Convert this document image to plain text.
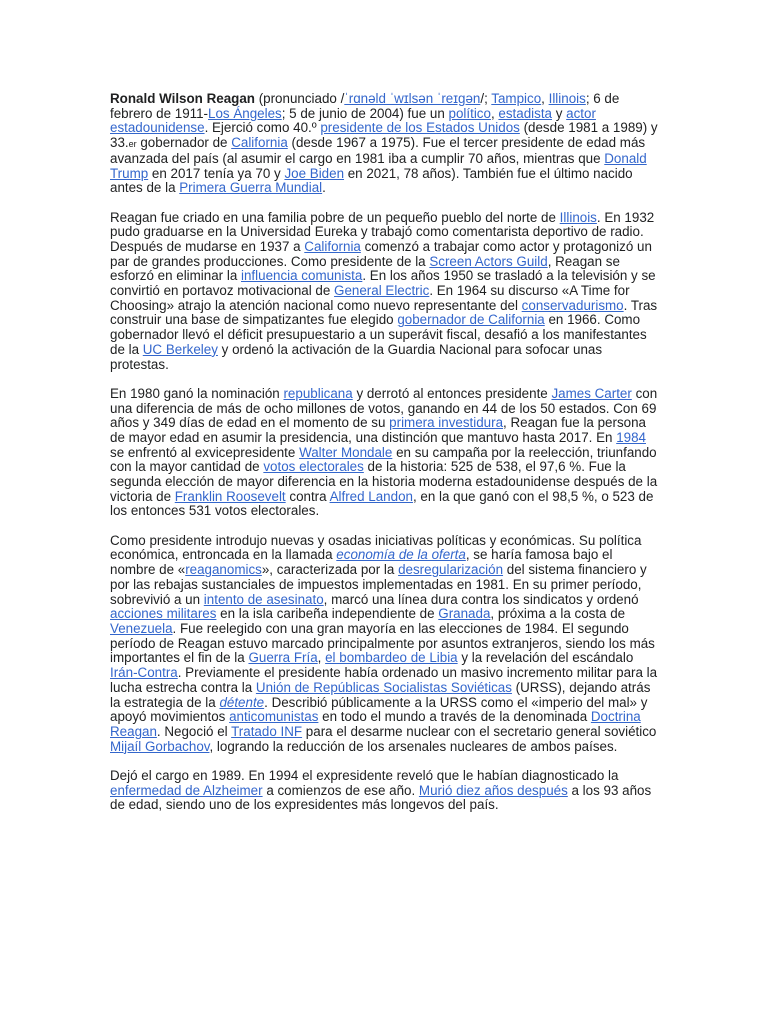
Ronald Wilson Reagan (pronunciado /ˈrɑnəld ˈwɪlsən ˈreɪɡən/; Tampico, Illinois; 6 de febrero de 1911-Los Ángeles; 5 de junio de 2004) fue un político, estadista y actor estadounidense. Ejerció como 40.º presidente de los Estados Unidos (desde 1981 a 1989) y 33.er gobernador de California (desde 1967 a 1975). Fue el tercer presidente de edad más avanzada del país (al asumir el cargo en 1981 iba a cumplir 70 años, mientras que Donald Trump en 2017 tenía ya 70 y Joe Biden en 2021, 78 años). También fue el último nacido antes de la Primera Guerra Mundial.

Reagan fue criado en una familia pobre de un pequeño pueblo del norte de Illinois. En 1932 pudo graduarse en la Universidad Eureka y trabajó como comentarista deportivo de radio. Después de mudarse en 1937 a California comenzó a trabajar como actor y protagonizó un par de grandes producciones. Como presidente de la Screen Actors Guild, Reagan se esforzó en eliminar la influencia comunista. En los años 1950 se trasladó a la televisión y se convirtió en portavoz motivacional de General Electric. En 1964 su discurso «A Time for Choosing» atrajo la atención nacional como nuevo representante del conservadurismo. Tras construir una base de simpatizantes fue elegido gobernador de California en 1966. Como gobernador llevó el déficit presupuestario a un superávit fiscal, desafió a los manifestantes de la UC Berkeley y ordenó la activación de la Guardia Nacional para sofocar unas protestas.

En 1980 ganó la nominación republicana y derrotó al entonces presidente James Carter con una diferencia de más de ocho millones de votos, ganando en 44 de los 50 estados. Con 69 años y 349 días de edad en el momento de su primera investidura, Reagan fue la persona de mayor edad en asumir la presidencia, una distinción que mantuvo hasta 2017. En 1984 se enfrentó al exvicepresidente Walter Mondale en su campaña por la reelección, triunfando con la mayor cantidad de votos electorales de la historia: 525 de 538, el 97,6 %. Fue la segunda elección de mayor diferencia en la historia moderna estadounidense después de la victoria de Franklin Roosevelt contra Alfred Landon, en la que ganó con el 98,5 %, o 523 de los entonces 531 votos electorales.

Como presidente introdujo nuevas y osadas iniciativas políticas y económicas. Su política económica, entroncada en la llamada economía de la oferta, se haría famosa bajo el nombre de «reaganomics», caracterizada por la desregularización del sistema financiero y por las rebajas sustanciales de impuestos implementadas en 1981. En su primer período, sobrevivió a un intento de asesinato, marcó una línea dura contra los sindicatos y ordenó acciones militares en la isla caribeña independiente de Granada, próxima a la costa de Venezuela. Fue reelegido con una gran mayoría en las elecciones de 1984. El segundo período de Reagan estuvo marcado principalmente por asuntos extranjeros, siendo los más importantes el fin de la Guerra Fría, el bombardeo de Libia y la revelación del escándalo Irán-Contra. Previamente el presidente había ordenado un masivo incremento militar para la lucha estrecha contra la Unión de Repúblicas Socialistas Soviéticas (URSS), dejando atrás la estrategia de la détente. Describió públicamente a la URSS como el «imperio del mal» y apoyó movimientos anticomunistas en todo el mundo a través de la denominada Doctrina Reagan. Negoció el Tratado INF para el desarme nuclear con el secretario general soviético Mijaíl Gorbachov, logrando la reducción de los arsenales nucleares de ambos países.

Dejó el cargo en 1989. En 1994 el expresidente reveló que le habían diagnosticado la enfermedad de Alzheimer a comienzos de ese año. Murió diez años después a los 93 años de edad, siendo uno de los expresidentes más longevos del país.
